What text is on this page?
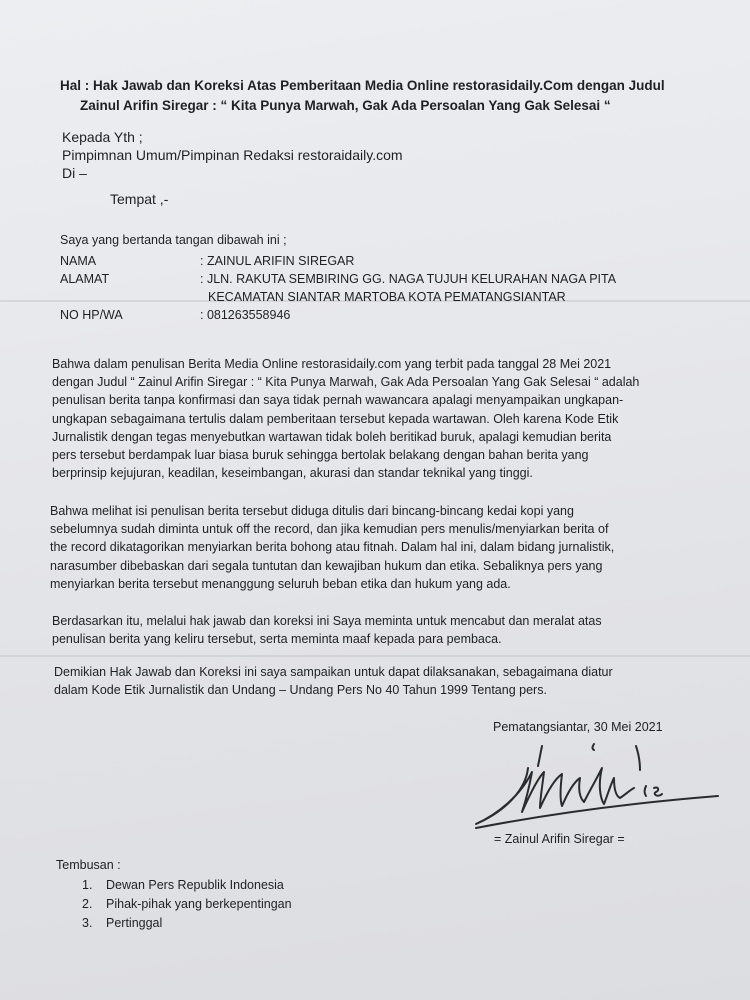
Hal : Hak Jawab dan Koreksi Atas Pemberitaan Media Online restorasidaily.Com dengan Judul
Zainul Arifin Siregar : “ Kita Punya Marwah, Gak Ada Persoalan Yang Gak Selesai “
Kepada Yth ;
Pimpimnan Umum/Pimpinan Redaksi restoraidaily.com
Di –
Tempat ,-
Saya yang bertanda tangan dibawah ini ;
NAMA	: ZAINUL ARIFIN SIREGAR
ALAMAT	: JLN. RAKUTA SEMBIRING GG. NAGA TUJUH KELURAHAN NAGA PITA
KECAMATAN SIANTAR MARTOBA KOTA PEMATANGSIANTAR
NO HP/WA	: 081263558946
Bahwa dalam penulisan Berita Media Online restorasidaily.com yang terbit pada tanggal 28 Mei 2021
dengan Judul “ Zainul Arifin Siregar : “ Kita Punya Marwah, Gak Ada Persoalan Yang Gak Selesai “ adalah
penulisan berita tanpa konfirmasi dan saya tidak pernah wawancara apalagi menyampaikan ungkapan-
ungkapan sebagaimana tertulis dalam pemberitaan tersebut kepada wartawan. Oleh karena Kode Etik
Jurnalistik dengan tegas menyebutkan wartawan tidak boleh beritikad buruk, apalagi kemudian berita
pers tersebut berdampak luar biasa buruk sehingga bertolak belakang dengan bahan berita yang
berprinsip kejujuran, keadilan, keseimbangan, akurasi dan standar teknikal yang tinggi.
Bahwa melihat isi penulisan berita tersebut diduga ditulis dari bincang-bincang kedai kopi yang
sebelumnya sudah diminta untuk off the record, dan jika kemudian pers menulis/menyiarkan berita of
the record dikatagorikan menyiarkan berita bohong atau fitnah. Dalam hal ini, dalam bidang jurnalistik,
narasumber dibebaskan dari segala tuntutan dan kewajiban hukum dan etika. Sebaliknya pers yang
menyiarkan berita tersebut menanggung seluruh beban etika dan hukum yang ada.
Berdasarkan itu, melalui hak jawab dan koreksi ini Saya meminta untuk mencabut dan meralat atas
penulisan berita yang keliru tersebut, serta meminta maaf kepada para pembaca.
Demikian Hak Jawab dan Koreksi ini saya sampaikan untuk dapat dilaksanakan, sebagaimana diatur
dalam Kode Etik Jurnalistik dan Undang – Undang Pers No 40 Tahun 1999 Tentang pers.
Pematangsiantar, 30 Mei 2021
= Zainul Arifin Siregar =
Tembusan :
1.	Dewan Pers Republik Indonesia
2.	Pihak-pihak yang berkepentingan
3.	Pertinggal
